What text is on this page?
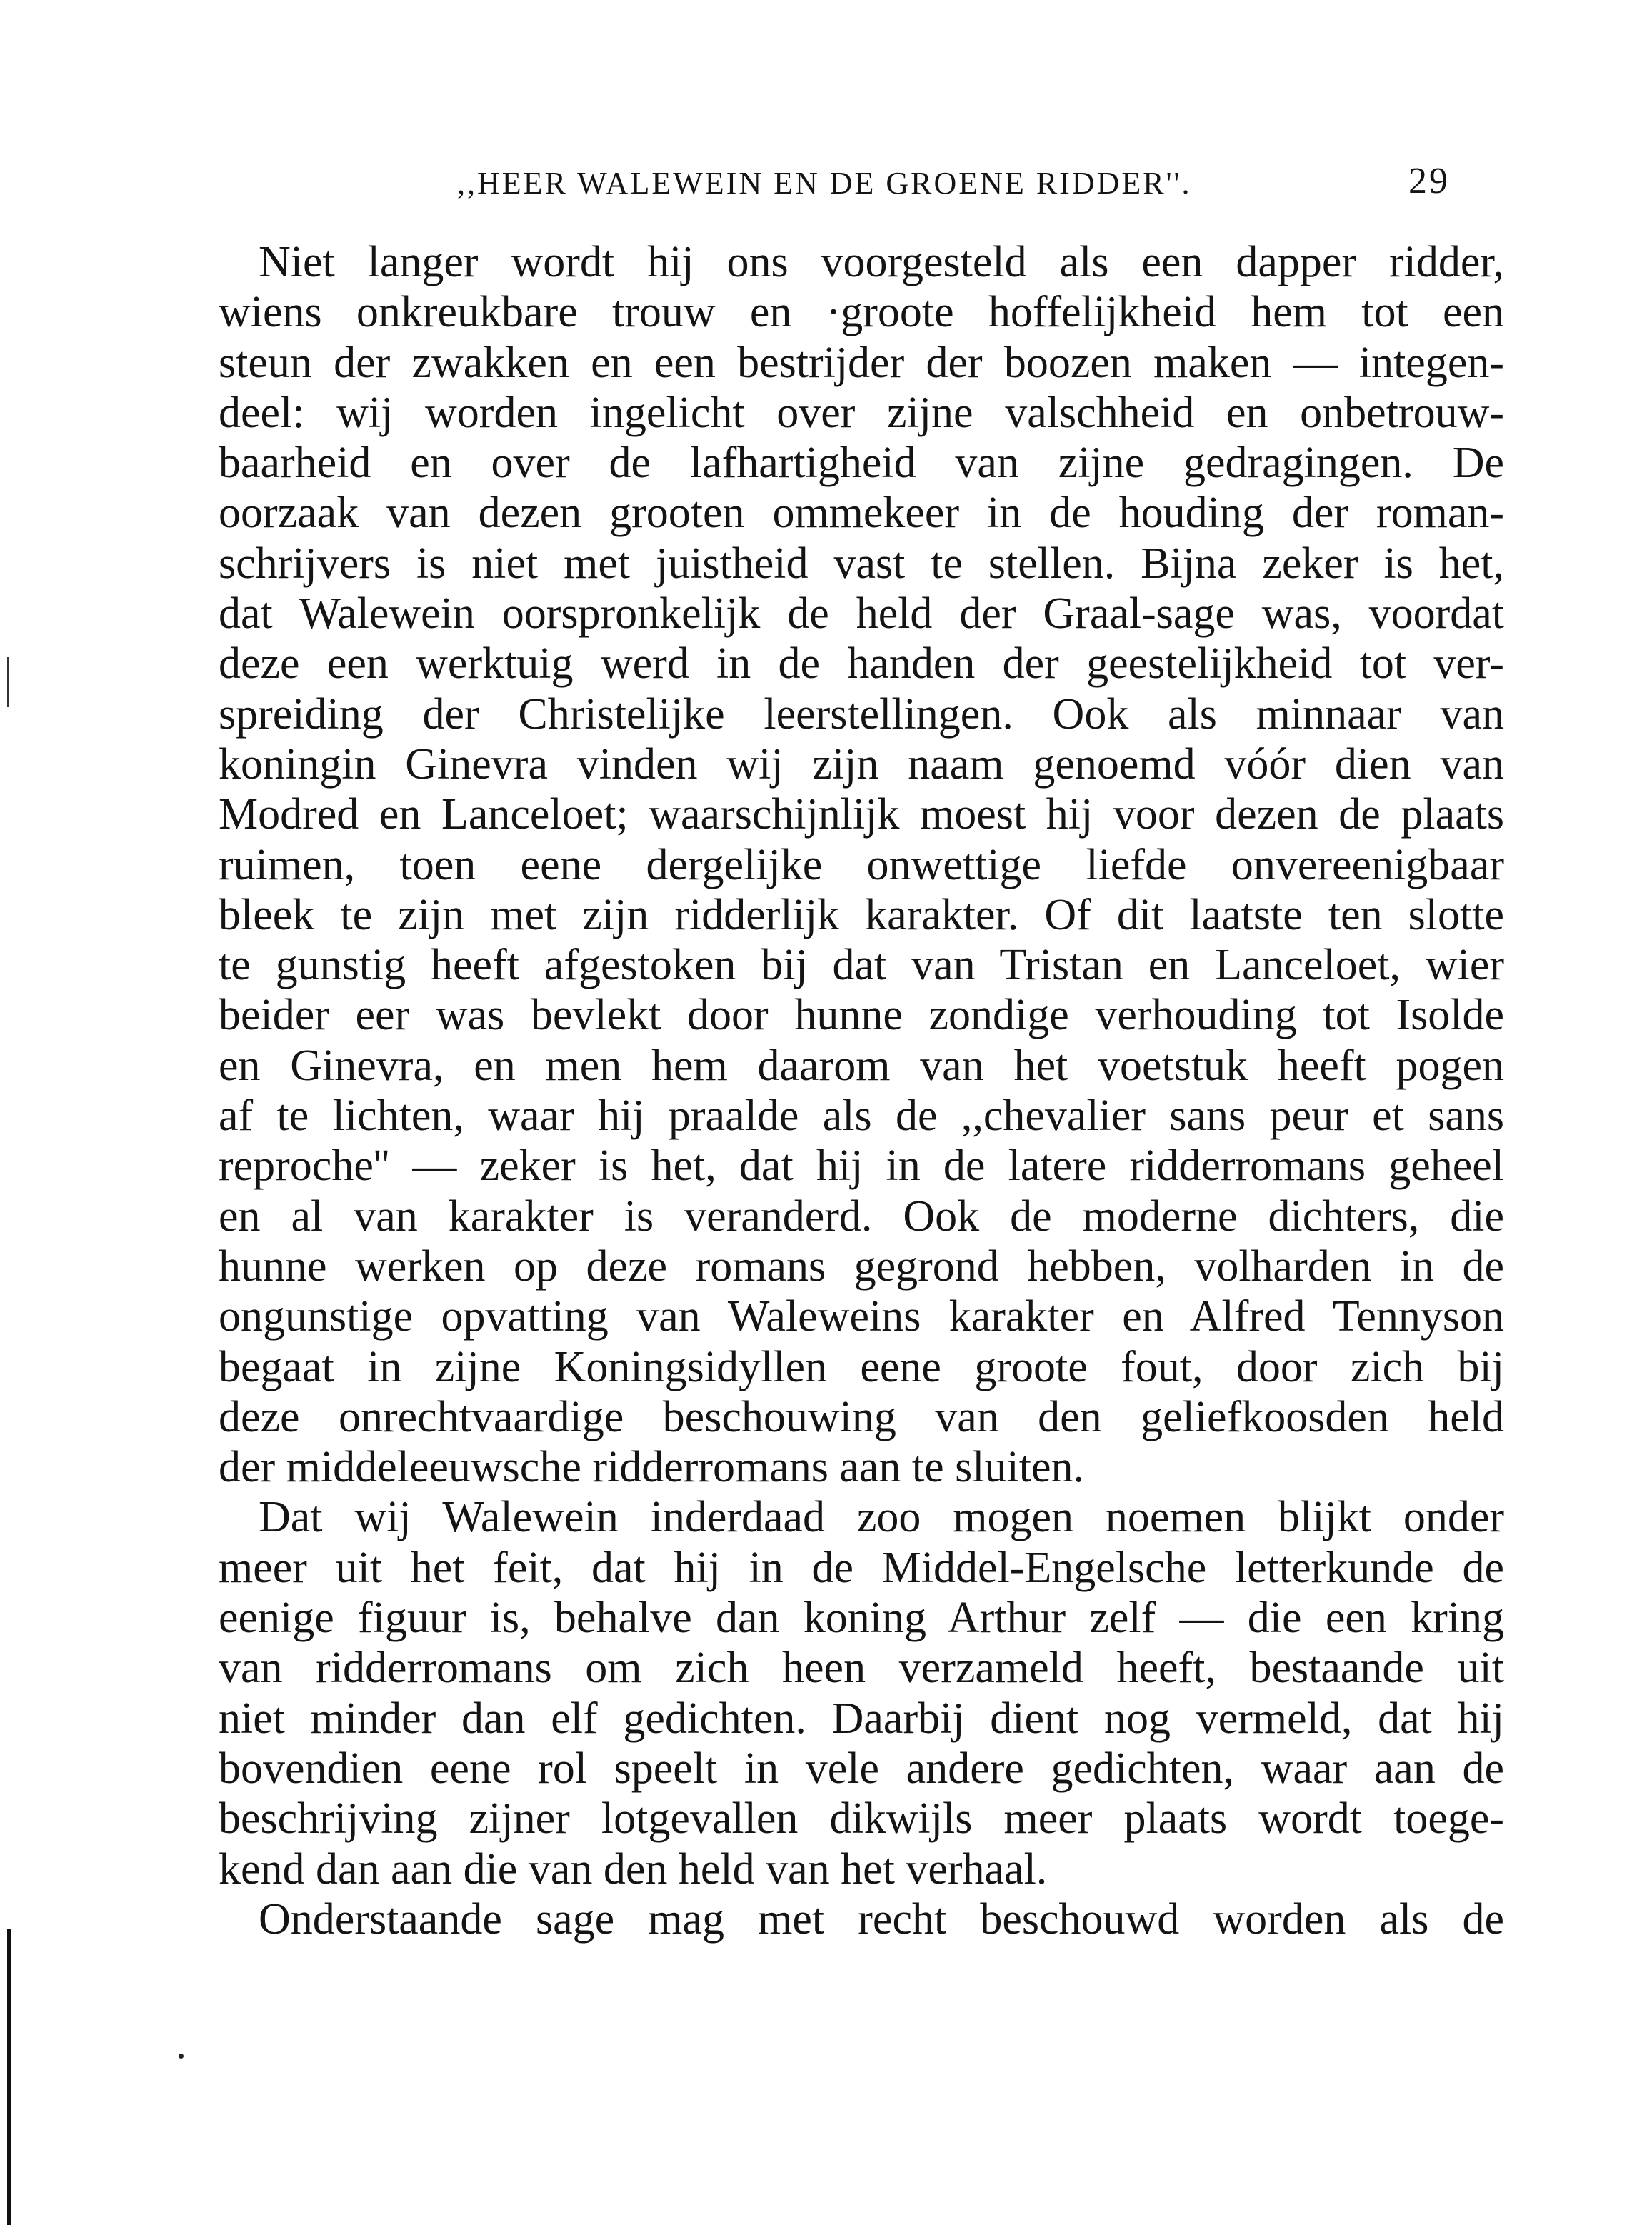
,,HEER WALEWEIN EN DE GROENE RIDDER''.	29
Niet langer wordt hij ons voorgesteld als een dapper ridder,
wiens onkreukbare trouw en ·groote hoffelijkheid hem tot een
steun der zwakken en een bestrijder der boozen maken — integen-
deel: wij worden ingelicht over zijne valschheid en onbetrouw-
baarheid en over de lafhartigheid van zijne gedragingen. De
oorzaak van dezen grooten ommekeer in de houding der roman-
schrijvers is niet met juistheid vast te stellen. Bijna zeker is het,
dat Walewein oorspronkelijk de held der Graal-sage was, voordat
deze een werktuig werd in de handen der geestelijkheid tot ver-
spreiding der Christelijke leerstellingen. Ook als minnaar van
koningin Ginevra vinden wij zijn naam genoemd vóór dien van
Modred en Lanceloet; waarschijnlijk moest hij voor dezen de plaats
ruimen, toen eene dergelijke onwettige liefde onvereenigbaar
bleek te zijn met zijn ridderlijk karakter. Of dit laatste ten slotte
te gunstig heeft afgestoken bij dat van Tristan en Lanceloet, wier
beider eer was bevlekt door hunne zondige verhouding tot Isolde
en Ginevra, en men hem daarom van het voetstuk heeft pogen
af te lichten, waar hij praalde als de ,,chevalier sans peur et sans
reproche'' — zeker is het, dat hij in de latere ridderromans geheel
en al van karakter is veranderd. Ook de moderne dichters, die
hunne werken op deze romans gegrond hebben, volharden in de
ongunstige opvatting van Waleweins karakter en Alfred Tennyson
begaat in zijne Koningsidyllen eene groote fout, door zich bij
deze onrechtvaardige beschouwing van den geliefkoosden held
der middeleeuwsche ridderromans aan te sluiten.
Dat wij Walewein inderdaad zoo mogen noemen blijkt onder
meer uit het feit, dat hij in de Middel-Engelsche letterkunde de
eenige figuur is, behalve dan koning Arthur zelf — die een kring
van ridderromans om zich heen verzameld heeft, bestaande uit
niet minder dan elf gedichten. Daarbij dient nog vermeld, dat hij
bovendien eene rol speelt in vele andere gedichten, waar aan de
beschrijving zijner lotgevallen dikwijls meer plaats wordt toege-
kend dan aan die van den held van het verhaal.
Onderstaande sage mag met recht beschouwd worden als de
